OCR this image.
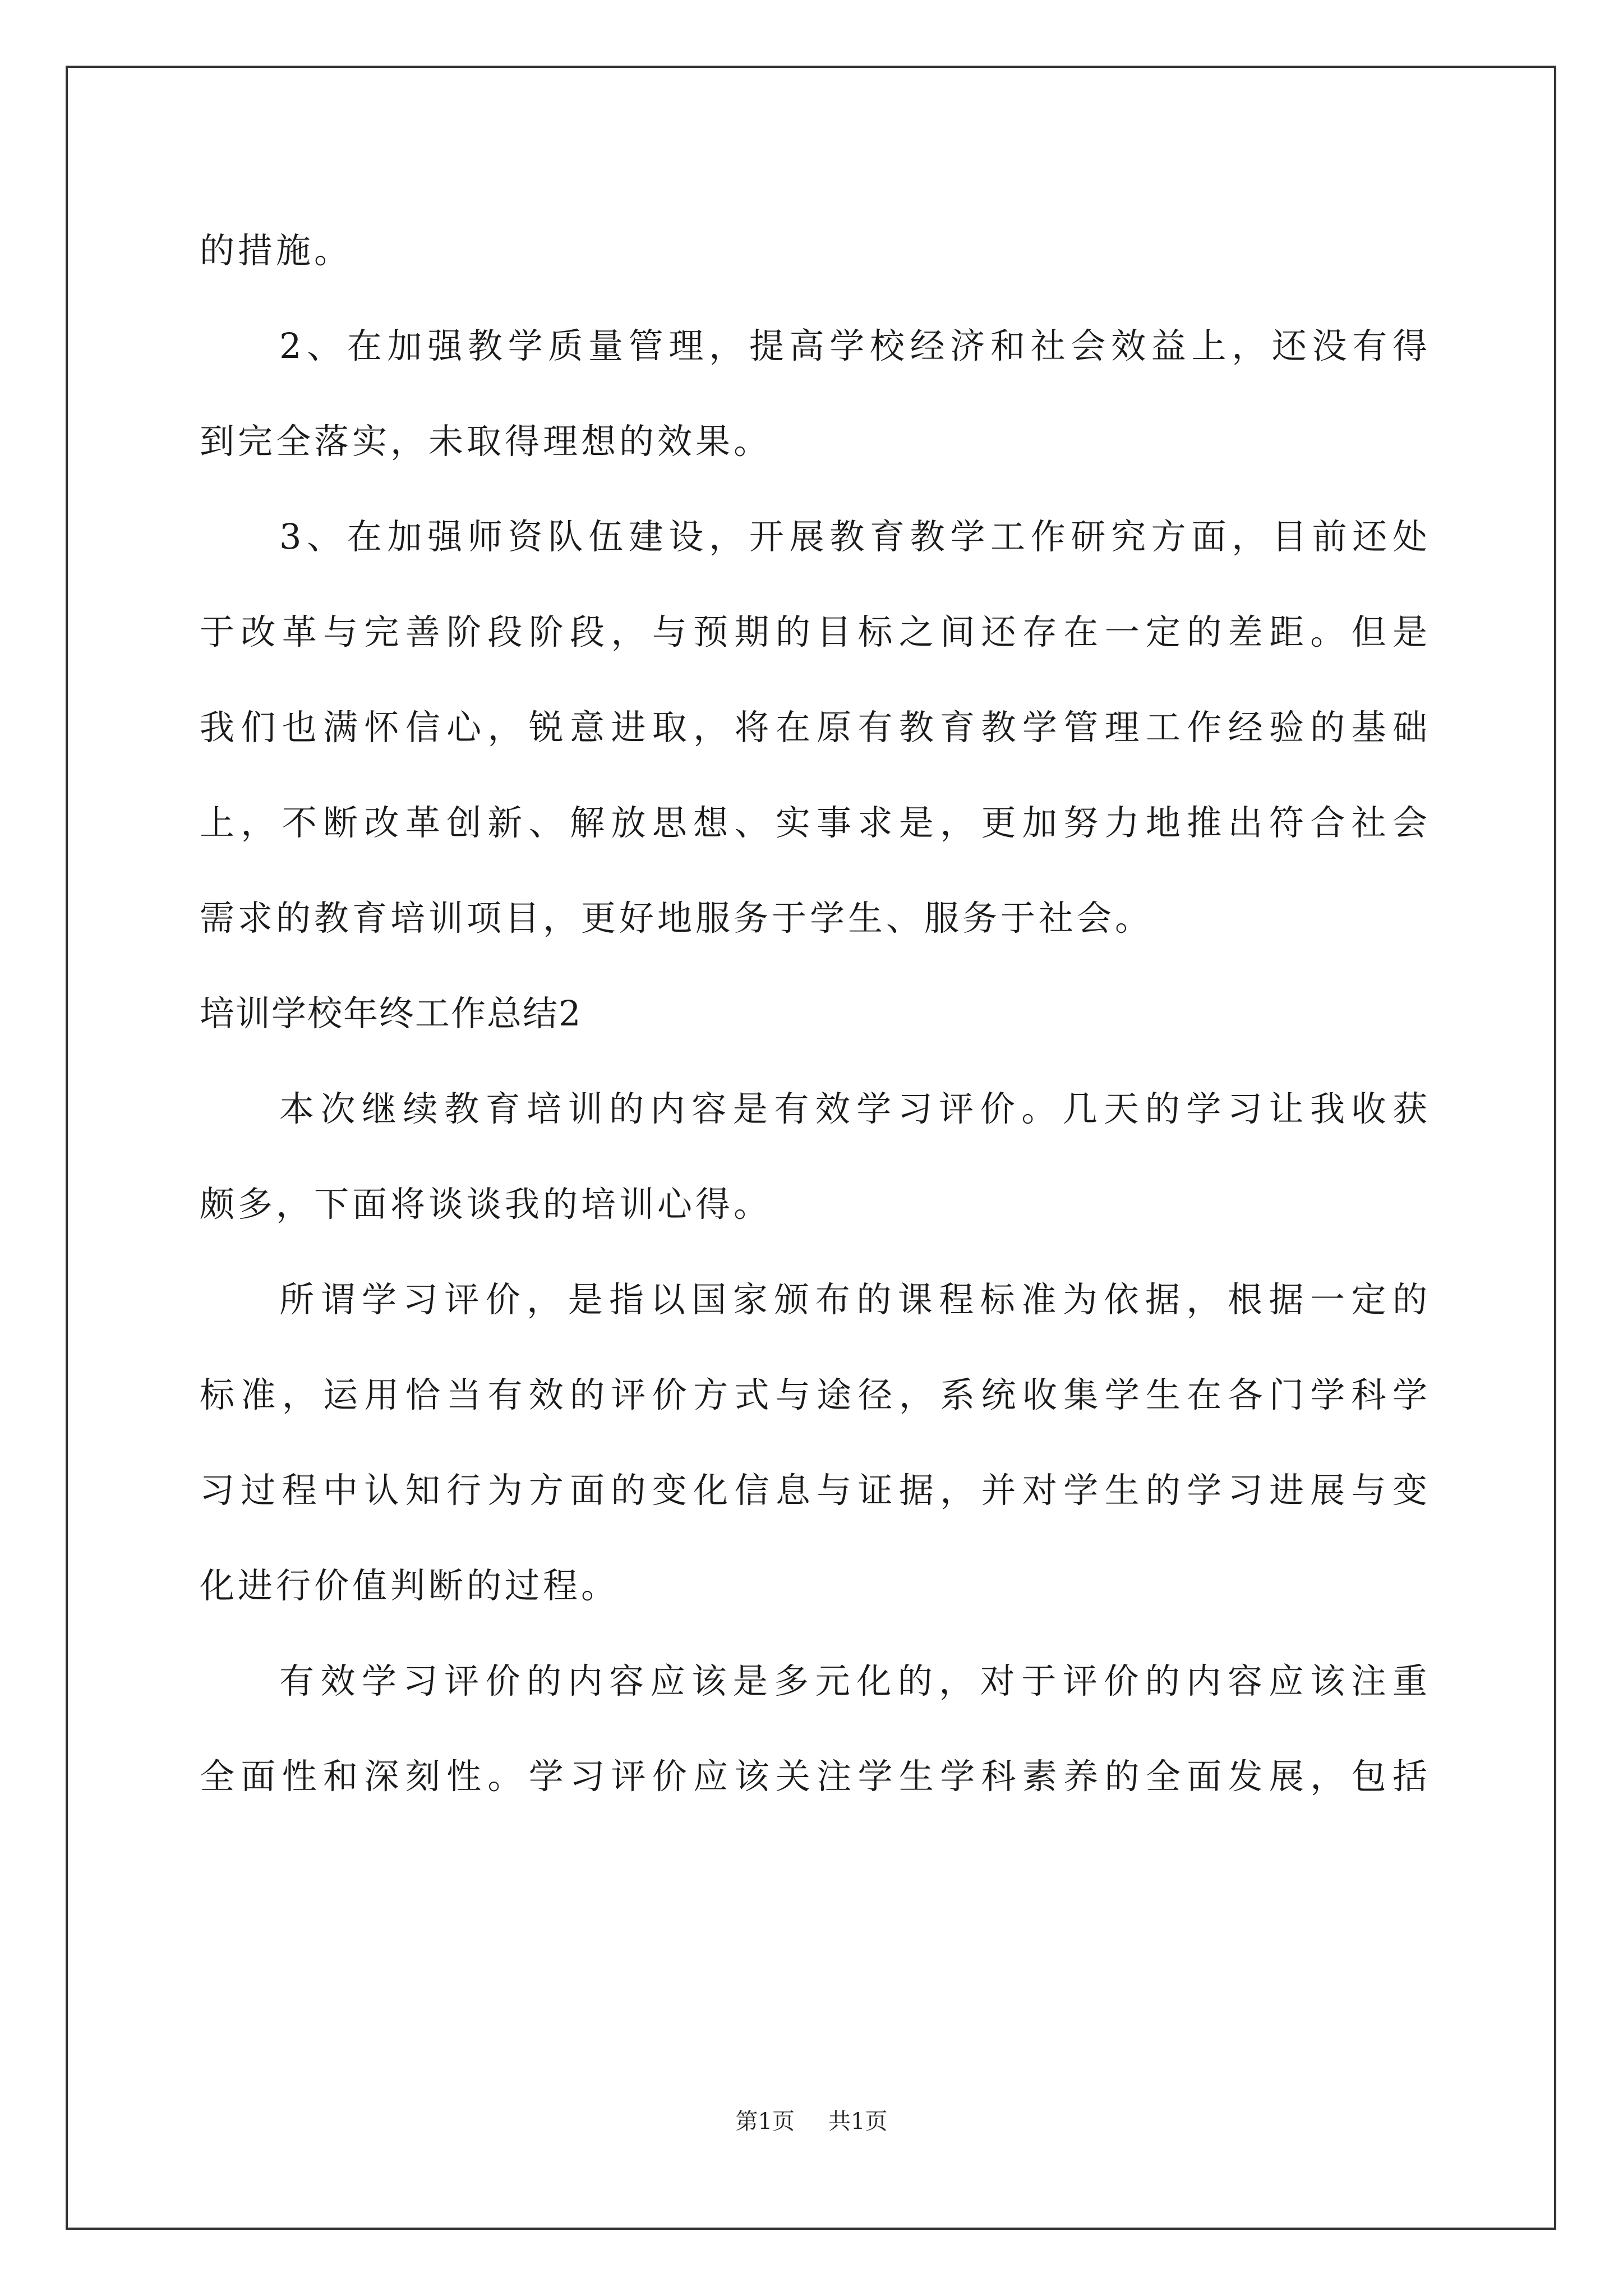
的措施。
2、在加强教学质量管理，提高学校经济和社会效益上，还没有得
到完全落实，未取得理想的效果。
3、在加强师资队伍建设，开展教育教学工作研究方面，目前还处
于改革与完善阶段阶段，与预期的目标之间还存在一定的差距。但是
我们也满怀信心，锐意进取，将在原有教育教学管理工作经验的基础
上，不断改革创新、解放思想、实事求是，更加努力地推出符合社会
需求的教育培训项目，更好地服务于学生、服务于社会。
培训学校年终工作总结2
本次继续教育培训的内容是有效学习评价。几天的学习让我收获
颇多，下面将谈谈我的培训心得。
所谓学习评价，是指以国家颁布的课程标准为依据，根据一定的
标准，运用恰当有效的评价方式与途径，系统收集学生在各门学科学
习过程中认知行为方面的变化信息与证据，并对学生的学习进展与变
化进行价值判断的过程。
有效学习评价的内容应该是多元化的，对于评价的内容应该注重
全面性和深刻性。学习评价应该关注学生学科素养的全面发展，包括
第1页 共1页
